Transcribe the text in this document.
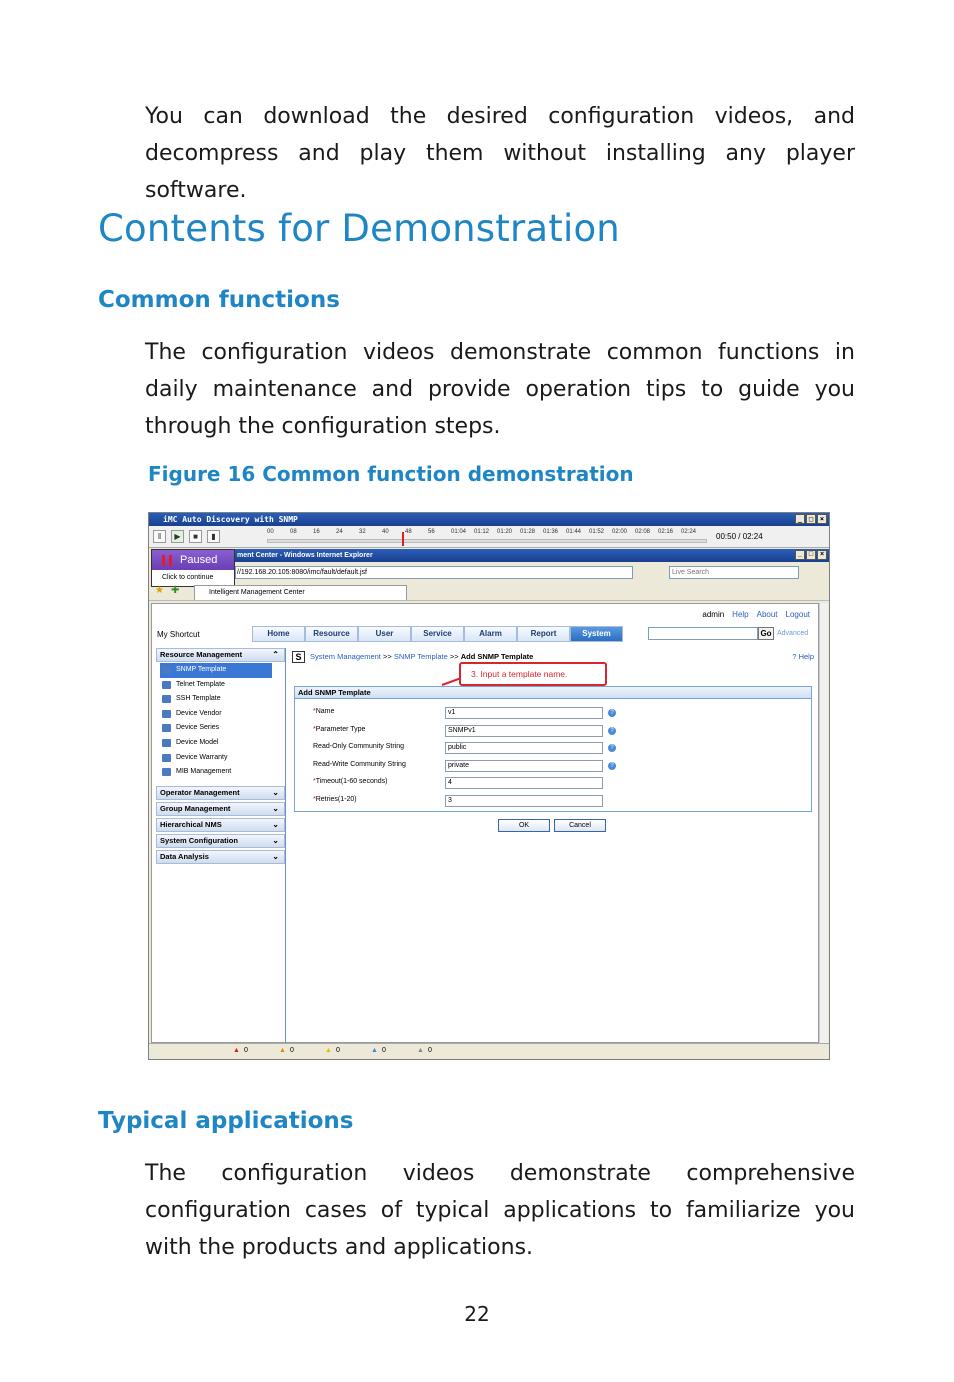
You can download the desired configuration videos, and decompress and play them without installing any player software.

Contents for Demonstration
Common functions

The configuration videos demonstrate common functions in daily maintenance and provide operation tips to guide you through the configuration steps.

Figure 16 Common function demonstration
iMC Auto Discovery with SNMP	_ □ ×
‖	▶	■	▮	00	08	16	24	32	40	48	56	01:04 01:12 01:20 01:28 01:36 01:44 01:52 02:00 02:08 02:16 02:24 00:50 / 02:24
ment Center - Windows Internet Explorer	_ □ ×
Paused
Click to continue
//192.168.20.105:8080/imc/fault/default.jsf	Live Search
★ ✚	Intelligent Management Center
admin Help About Logout
My Shortcut	Home	Resource	User	Service	Alarm	Report	System	Go Advanced
Resource Management	⌃
SNMP Template
Telnet Template
SSH Template
Device Vendor
Device Series
Device Model
Device Warranty
MIB Management
Operator Management	⌄
Group Management	⌄
Hierarchical NMS	⌄
System Configuration	⌄
Data Analysis	⌄
S	System Management >> SNMP Template >> Add SNMP Template	? Help
Add SNMP Template
*Name	v1	?
*Parameter Type	SNMPv1	?
Read-Only Community String	public	?
Read-Write Community String	private	?
*Timeout(1-60 seconds)	4
*Retries(1-20)	3
OK	Cancel
3. Input a template name.
▲ 0	▲ 0	▲ 0	▲ 0	▲ 0
Typical applications

The configuration videos demonstrate comprehensive configuration cases of typical applications to familiarize you with the products and applications.

22
